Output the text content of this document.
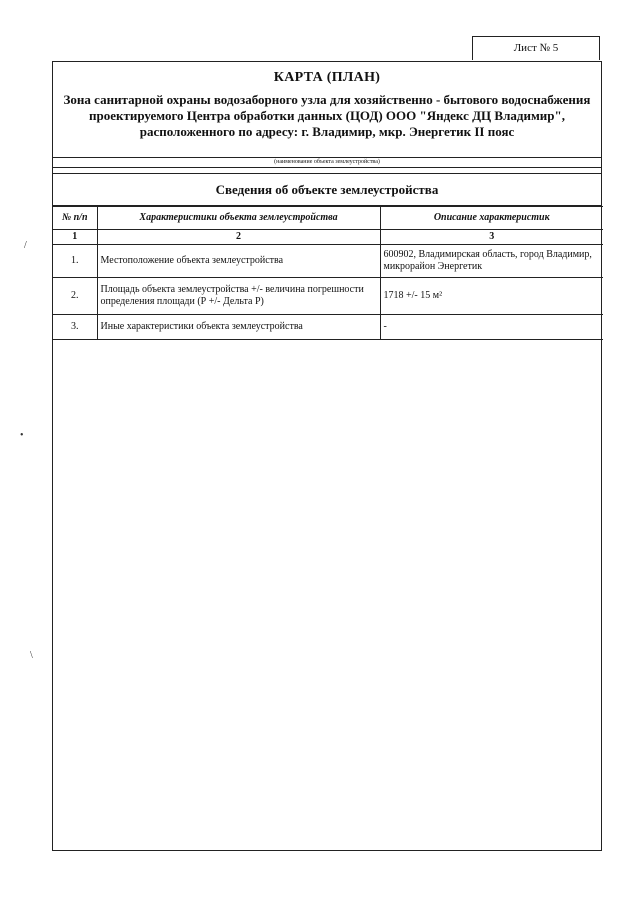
Лист № 5
КАРТА (ПЛАН)
Зона санитарной охраны водозаборного узла для хозяйственно - бытового водоснабжения проектируемого Центра обработки данных (ЦОД) ООО "Яндекс ДЦ Владимир", расположенного по адресу: г. Владимир, мкр. Энергетик II пояс
(наименование объекта землеустройства)
Сведения об объекте землеустройства
№ п/п	Характеристики объекта землеустройства	Описание характеристик
1	2	3
1.	Местоположение объекта землеустройства	600902, Владимирская область, город Владимир, микрорайон Энергетик
2.	Площадь объекта землеустройства +/- величина погрешности определения площади (Р +/- Дельта Р)	1718 +/- 15 м²
3.	Иные характеристики объекта землеустройства	-
/
•
\
